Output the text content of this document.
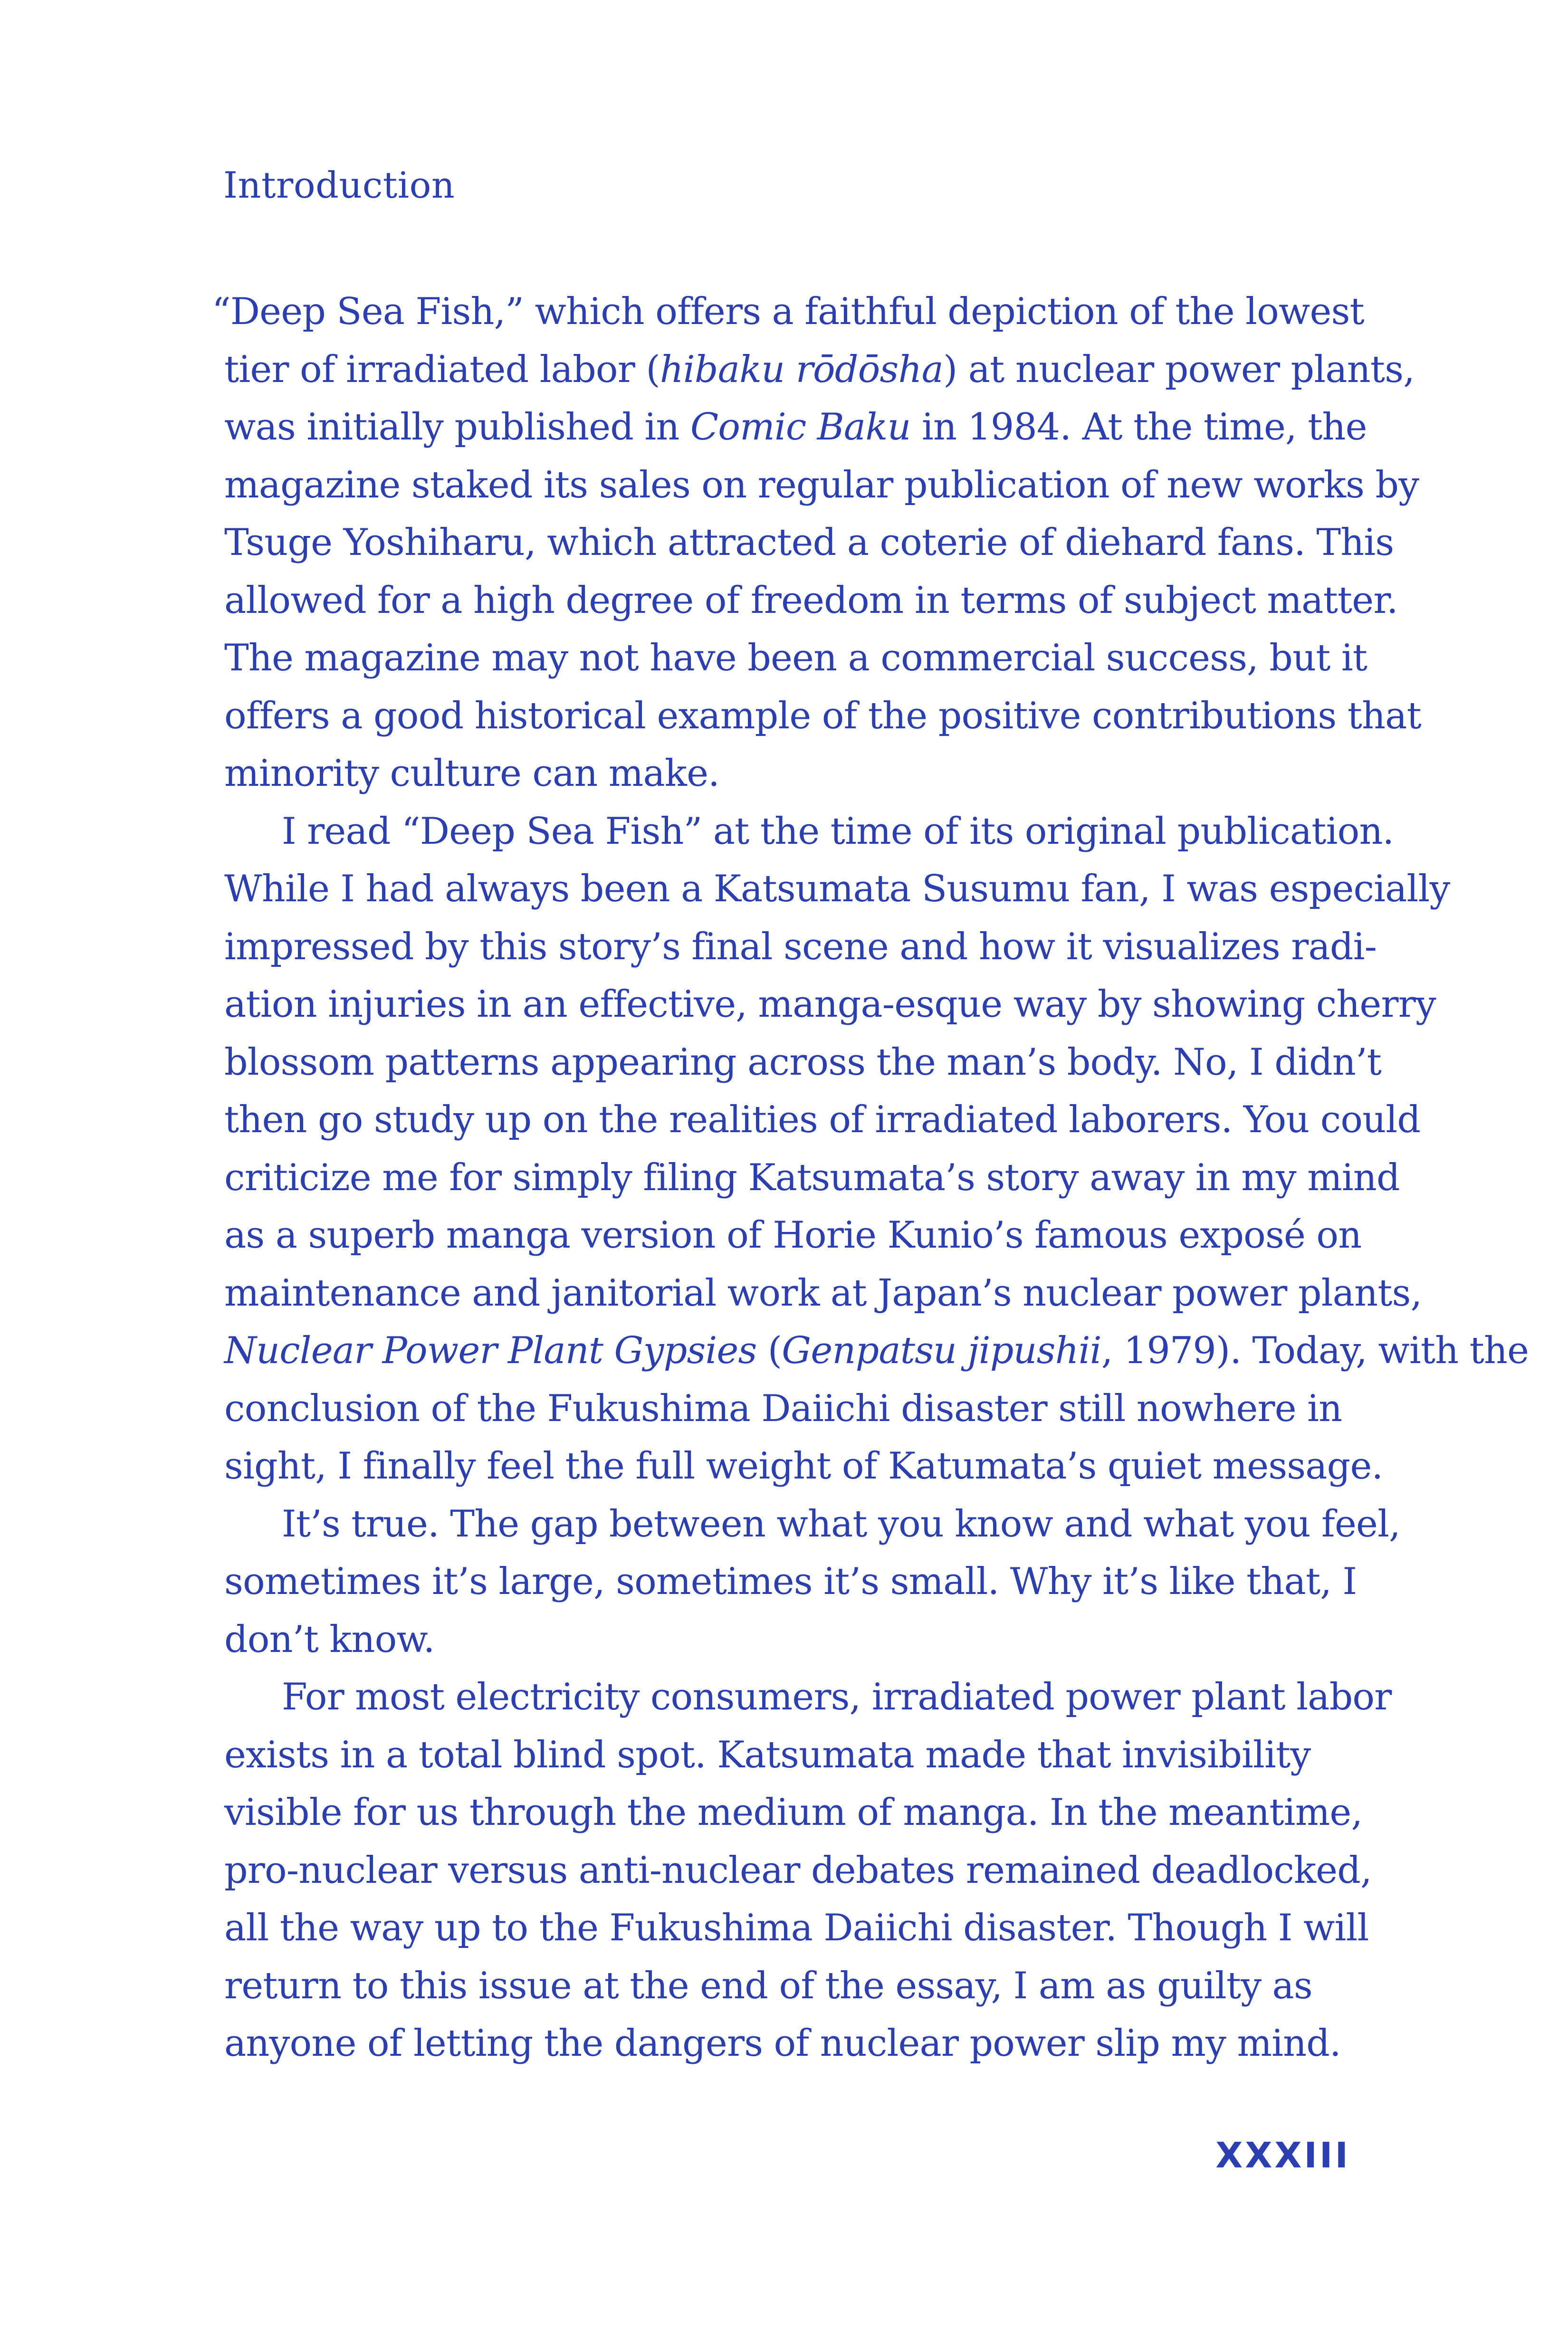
Introduction

“Deep Sea Fish,” which offers a faithful depiction of the lowest
tier of irradiated labor (hibaku rōdōsha) at nuclear power plants,
was initially published in Comic Baku in 1984. At the time, the
magazine staked its sales on regular publication of new works by
Tsuge Yoshiharu, which attracted a coterie of diehard fans. This
allowed for a high degree of freedom in terms of subject matter.
The magazine may not have been a commercial success, but it
offers a good historical example of the positive contributions that
minority culture can make.

I read “Deep Sea Fish” at the time of its original publication.
While I had always been a Katsumata Susumu fan, I was especially
impressed by this story’s final scene and how it visualizes radi-
ation injuries in an effective, manga-esque way by showing cherry
blossom patterns appearing across the man’s body. No, I didn’t
then go study up on the realities of irradiated laborers. You could
criticize me for simply filing Katsumata’s story away in my mind
as a superb manga version of Horie Kunio’s famous exposé on
maintenance and janitorial work at Japan’s nuclear power plants,
Nuclear Power Plant Gypsies (Genpatsu jipushii, 1979). Today, with the
conclusion of the Fukushima Daiichi disaster still nowhere in
sight, I finally feel the full weight of Katumata’s quiet message.

It’s true. The gap between what you know and what you feel,
sometimes it’s large, sometimes it’s small. Why it’s like that, I
don’t know.

For most electricity consumers, irradiated power plant labor
exists in a total blind spot. Katsumata made that invisibility
visible for us through the medium of manga. In the meantime,
pro-nuclear versus anti-nuclear debates remained deadlocked,
all the way up to the Fukushima Daiichi disaster. Though I will
return to this issue at the end of the essay, I am as guilty as
anyone of letting the dangers of nuclear power slip my mind.

XXXIII
